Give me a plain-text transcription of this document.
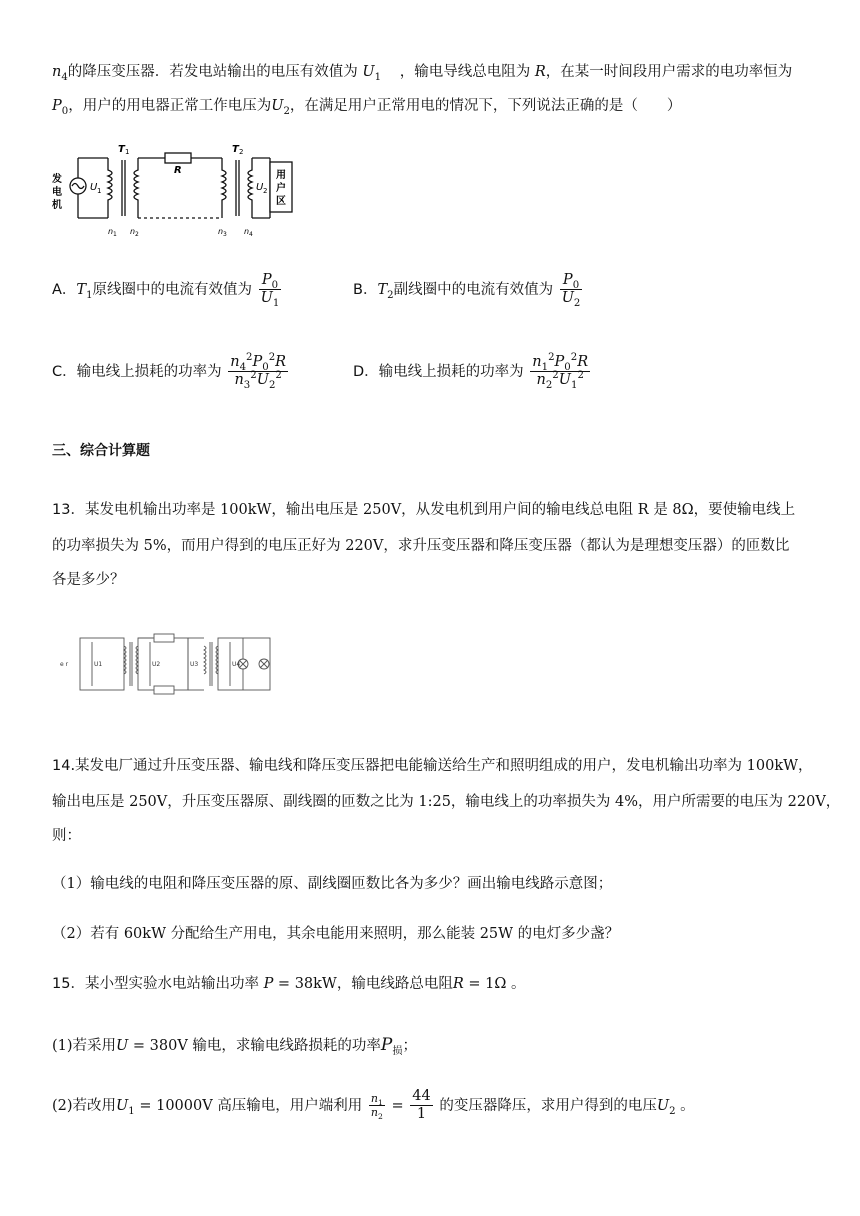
$n_4$的降压变压器．若发电站输出的电压有效值为 $U_1$ ，输电导线总电阻为 R，在某一时间段用户需求的电功率恒为
$P_0$，用户的用电器正常工作电压为$U_2$，在满足用户正常用电的情况下，下列说法正确的是（　　）
发
电
机
U 1
T 1
R
T 2
U 2
用
户
区
n 1 n 2	n 3 n 4
A．$T_1$原线圈中的电流有效值为 $\frac{P_0}{U_1}$	B．$T_2$副线圈中的电流有效值为 $\frac{P_0}{U_2}$
C．输电线上损耗的功率为 $\frac{n_4^2P_0^2R}{n_3^2U_2^2}$	D．输电线上损耗的功率为 $\frac{n_1^2P_0^2R}{n_2^2U_1^2}$
三、综合计算题
13．某发电机输出功率是 100kW，输出电压是 250V，从发电机到用户间的输电线总电阻 R 是 8Ω，要使输电线上
的功率损失为 5%，而用户得到的电压正好为 220V，求升压变压器和降压变压器（都认为是理想变压器）的匝数比
各是多少？
e r	U1	U2	U3	U4
14.某发电厂通过升压变压器、输电线和降压变压器把电能输送给生产和照明组成的用户，发电机输出功率为 100kW，
输出电压是 250V，升压变压器原、副线圈的匝数之比为 1:25，输电线上的功率损失为 4%，用户所需要的电压为 220V，
则：
（1）输电线的电阻和降压变压器的原、副线圈匝数比各为多少？画出输电线路示意图；
（2）若有 60kW 分配给生产用电，其余电能用来照明，那么能装 25W 的电灯多少盏？
15．某小型实验水电站输出功率 P = 38kW，输电线路总电阻R = 1Ω 。
(1)若采用U = 380V 输电，求输电线路损耗的功率$P_损$；
(2)若改用$U_1 = 10000V$ 高压输电，用户端利用 $\frac{n_1}{n_2} = \frac{44}{1}$ 的变压器降压，求用户得到的电压$U_2$ 。
